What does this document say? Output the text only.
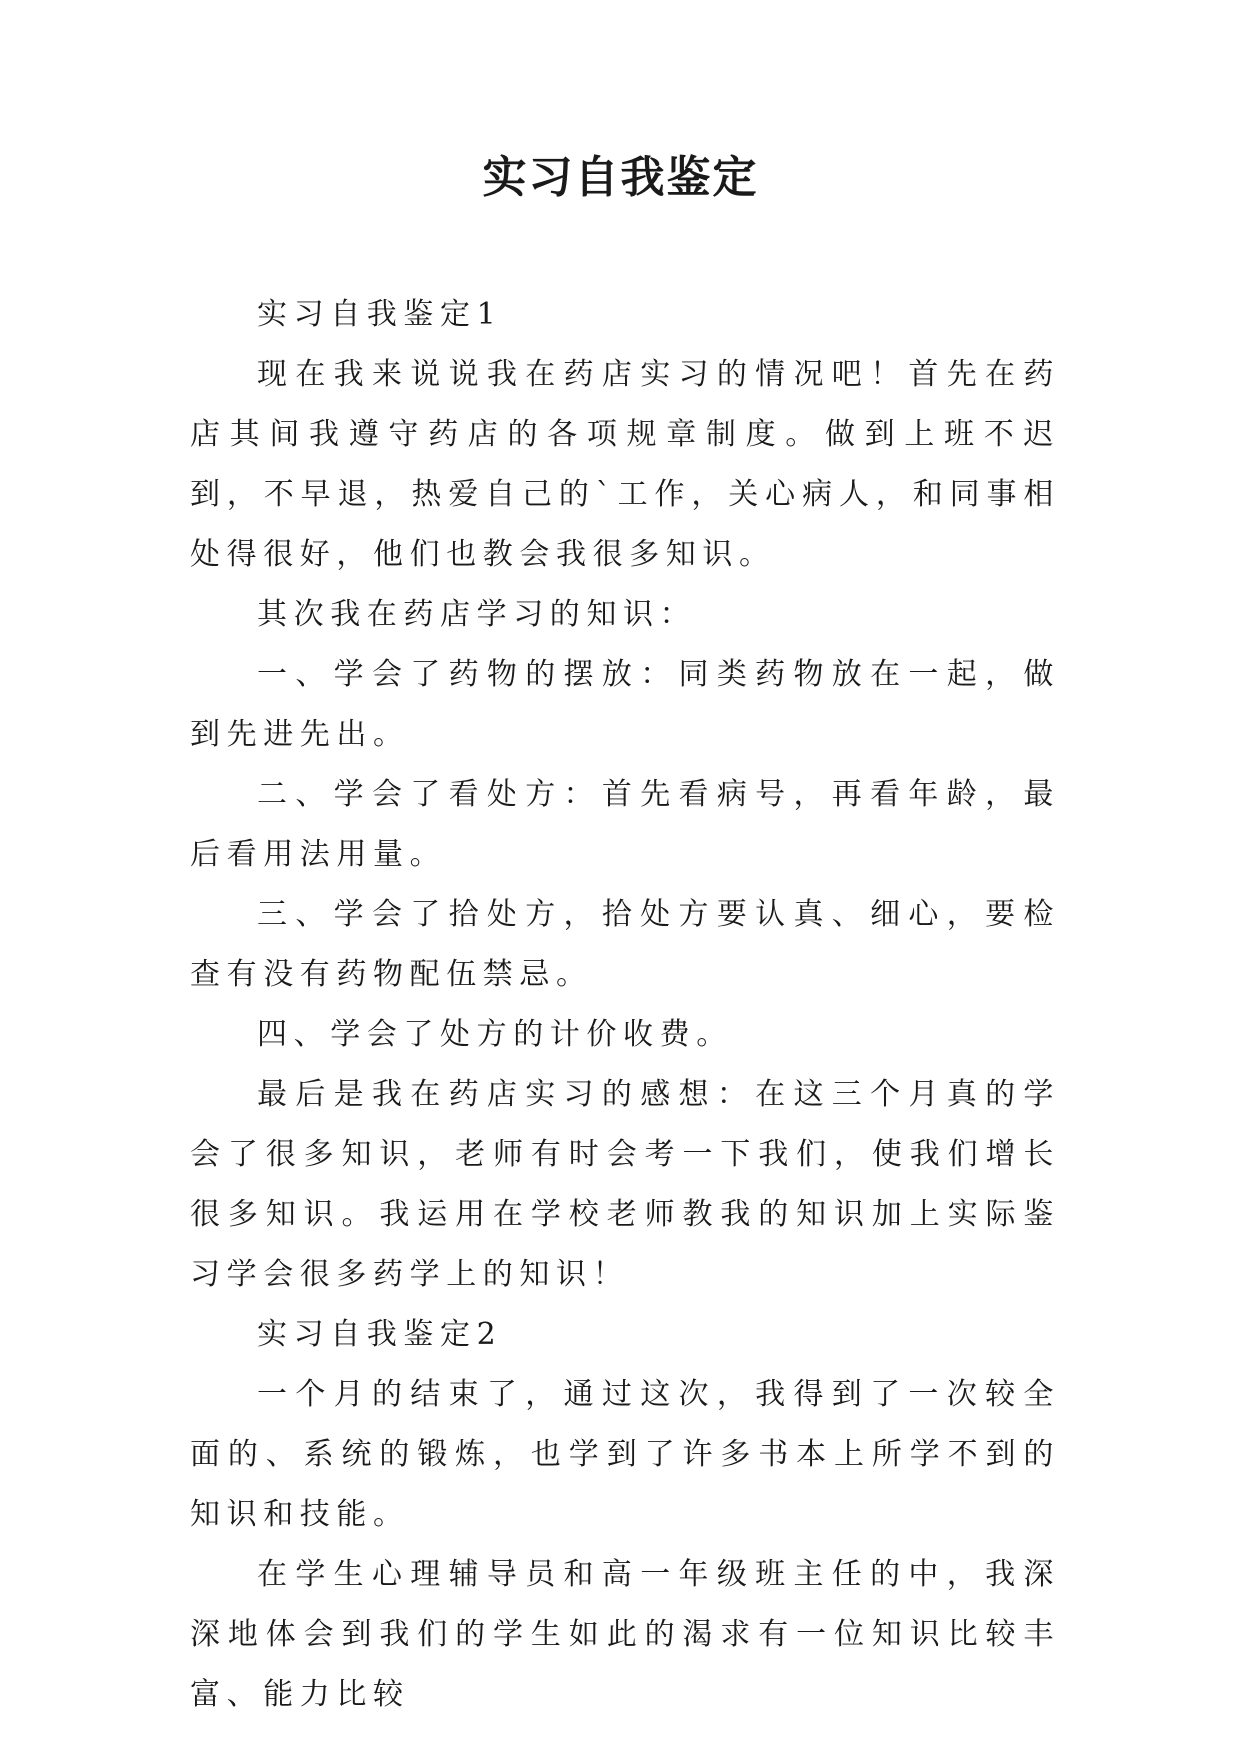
实习自我鉴定

实习自我鉴定1

现在我来说说我在药店实习的情况吧！首先在药店其间我遵守药店的各项规章制度。做到上班不迟到，不早退，热爱自己的`工作，关心病人，和同事相处得很好，他们也教会我很多知识。

其次我在药店学习的知识：

一、学会了药物的摆放：同类药物放在一起，做到先进先出。

二、学会了看处方：首先看病号，再看年龄，最后看用法用量。

三、学会了拾处方，拾处方要认真、细心，要检查有没有药物配伍禁忌。

四、学会了处方的计价收费。

最后是我在药店实习的感想：在这三个月真的学会了很多知识，老师有时会考一下我们，使我们增长很多知识。我运用在学校老师教我的知识加上实际鉴习学会很多药学上的知识！

实习自我鉴定2

一个月的结束了，通过这次，我得到了一次较全面的、系统的锻炼，也学到了许多书本上所学不到的知识和技能。

在学生心理辅导员和高一年级班主任的中，我深深地体会到我们的学生如此的渴求有一位知识比较丰富、能力比较
